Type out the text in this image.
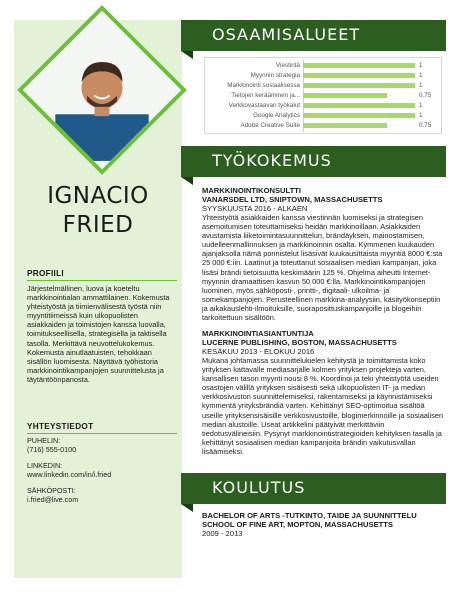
IGNACIO
FRIED
PROFIILI
Järjestelmällinen, luova ja koeteltu markkinointialan ammattilainen. Kokemusta yhteistyöstä ja tiimienvälisestä työstä niin myyntitiimeissä kuin ulkopuolisten asiakkaiden ja toimistojen kanssa luovalla, toimitukseellisella, strategisella ja taktisella tasolla. Merkittävä neuvottelukokemus. Kokemusta ainutlaatuisten, tehokkaan sisällön luomisesta. Näyttävä työhistoria markkinointikampanjojen suunnittelusta ja täytäntöönpanosta.
YHTEYSTIEDOT
PUHELIN:
(716) 555-0100
LINKEDIN:
www.linkedin.com/in/i.fried
SÄHKÖPOSTI:
i.fried@live.com
OSAAMISALUEET
Viestintä	1
Myynnin strategia	1
Markkinointi sosiaalisessa	1
Tietojen kerääminen ja...	0.75
Verkkovastaavan työkalut	1
Google Analytics	1
Adobe Creative Suite	0.75
TYÖKOKEMUS
MARKKINOINTIKONSULTTI
VANARSDEL LTD, SNIPTOWN, MASSACHUSETTS
SYYSKUUSTA 2016 - ALKAEN
Yhteistyötä asiakkaiden kanssa viestinnän luomiseksi ja strategisen asemoitumisen toteuttamiseksi heidän markkinoillaan. Asiakkaiden avustamista liiketoimintasuunnittelun, brändäyksen, mainostamisen, uudelleenmallinnuksen ja markkinoinnin osalta. Kymmenen kuukauden ajanjaksolla nämä ponnistelut lisäsivät kuukausittaista myyntiä 8000 €:sta 25 000 €:iin. Laatinut ja toteuttanut sosiaalisen median kampanjan, joka lisäsi brändi tietoisuutta keskimäärin 125 %. Ohjelma aiheutti Internet-myynnin dramaattisen kasvun 50 000 €:lla. Markkinointikampanjojen luominen, myös sähköposti-, printti-, digitaali- ulkoilma- ja somekampanjojen. Perusteellinen markkina-analyysiin, käsityökonseptiin ja aikakauslehti-ilmoituksille, suoraposittuskampanjoille ja blogeihin tarkoitettuun sisältöön.
MARKKINOINTIASIANTUNTIJA
LUCERNE PUBLISHING, BOSTON, MASSACHUSETTS
KESÄKUU 2013 - ELOKUU 2016
Mukana johtamassa suunnittelukielen kehitystä ja toimittamista koko yrityksen kattavalle mediasarjalle kolmen yrityksen projekteja varten, kansallisen tason myynti nousi 8 %. Koordinoi ja teki yhteistyötä useiden osastojen välillä yrityksen sisäisesti sekä ulkopuolisten IT- ja median verkkosivuston suunnittelemiseksi, rakentamiseksi ja käynnistämiseksi kymmentä yrityksbrändiä varten. Kehittänyt SEO-optimoitua sisältöä useille yrityksensisäisille verkkosivustoille, blogimerkinnoille ja sosiaalisen median alustoille. Useat artikkelini päätyivät merkittäviin tiedotusvälineisiin. Pysynyt markkinointistrategioiden kehityksen tasalla ja kehittänyt sosiaalisen median kampanjoita brändin vaikutusvallan lisäämiseksi.
KOULUTUS
BACHELOR OF ARTS -TUTKINTO, TAIDE JA SUUNNITTELU SCHOOL OF FINE ART, MOPTON, MASSACHUSETTS
2009 - 2013
